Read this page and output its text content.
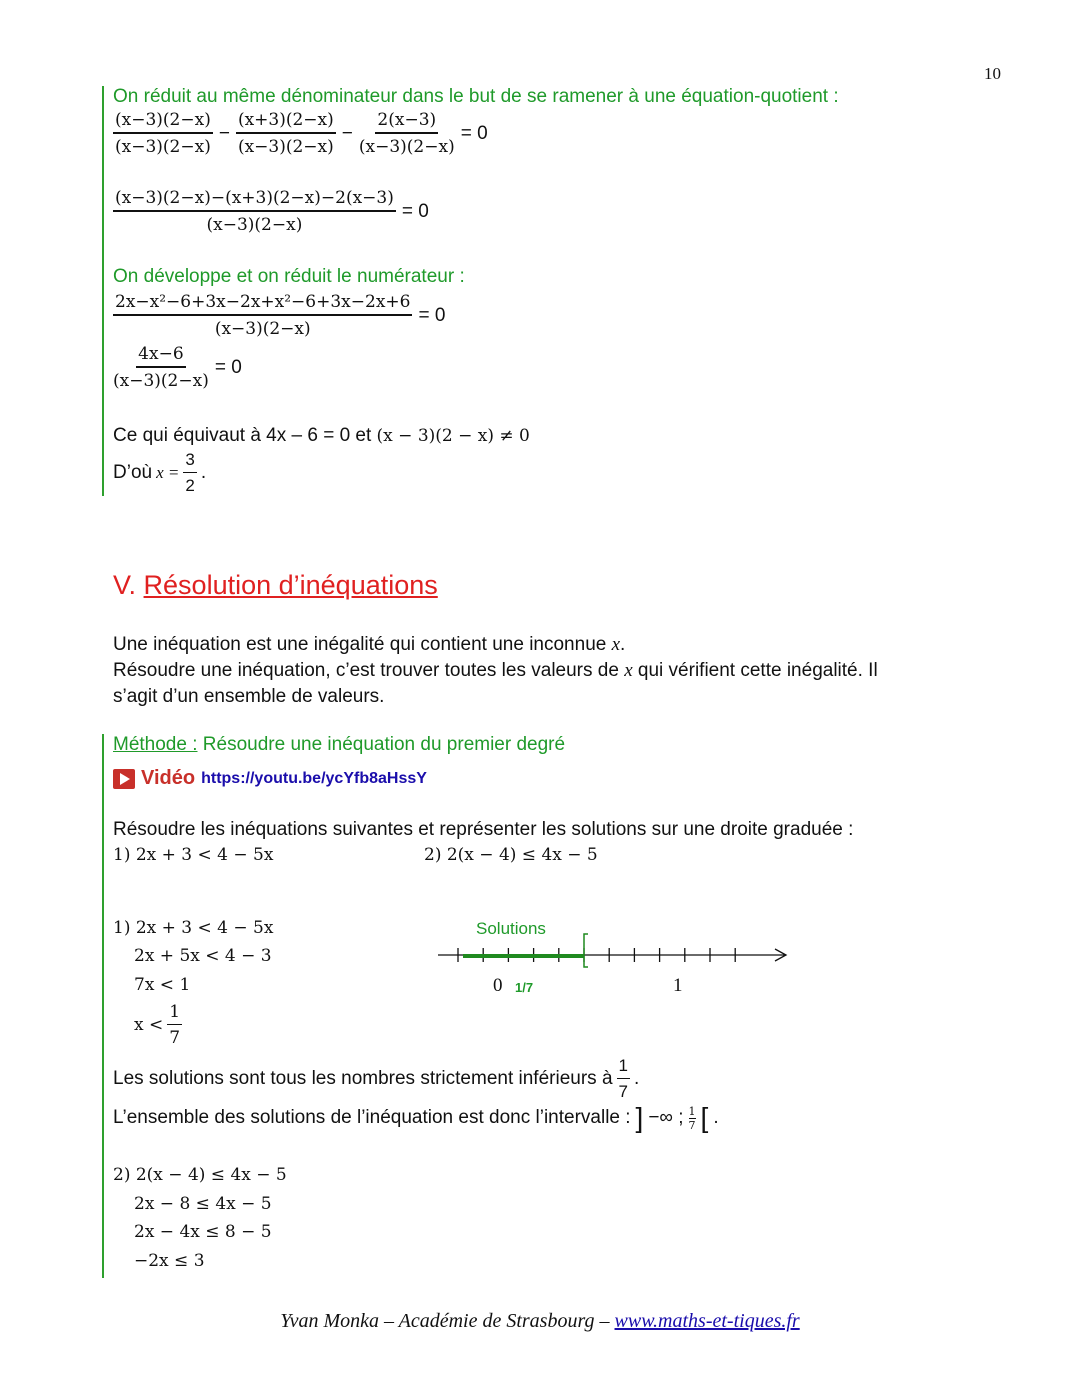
10
On réduit au même dénominateur dans le but de se ramener à une équation-quotient :
$\frac{(x-3)(2-x)}{(x-3)(2-x)} - \frac{(x+3)(2-x)}{(x-3)(2-x)} - \frac{2(x-3)}{(x-3)(2-x)} = 0$
$\frac{(x-3)(2-x)-(x+3)(2-x)-2(x-3)}{(x-3)(2-x)} = 0$
On développe et on réduit le numérateur :
$\frac{\text{2x−x²−6+3x−2x+x²−6+3x−2x+6}}{(x-3)(2-x)} = 0$
$\frac{4x-6}{(x-3)(2-x)} = 0$
Ce qui équivaut à 4x – 6 = 0 et (x − 3)(2 − x) ≠ 0
D’où $x = \frac{3}{2}$ .
V. Résolution d’inéquations
Une inéquation est une inégalité qui contient une inconnue x.
Résoudre une inéquation, c’est trouver toutes les valeurs de x qui vérifient cette inégalité. Il
s’agit d’un ensemble de valeurs.
Méthode : Résoudre une inéquation du premier degré
Vidéo https://youtu.be/ycYfb8aHssY
Résoudre les inéquations suivantes et représenter les solutions sur une droite graduée :
1) 2x + 3 < 4 − 5x	2) 2(x − 4) ≤ 4x − 5
1) 2x + 3 < 4 − 5x
2x + 5x < 4 − 3
7x < 1
$x < \frac{1}{7}$
Solutions
0 1/7	1
Les solutions sont tous les nombres strictement inférieurs à $\frac{1}{7}$ .
L’ensemble des solutions de l’inéquation est donc l’intervalle : ] −∞ ; $\frac{1}{7}$ [ .
2) 2(x − 4) ≤ 4x − 5
2x − 8 ≤ 4x − 5
2x − 4x ≤ 8 − 5
−2x ≤ 3
Yvan Monka – Académie de Strasbourg – www.maths-et-tiques.fr
